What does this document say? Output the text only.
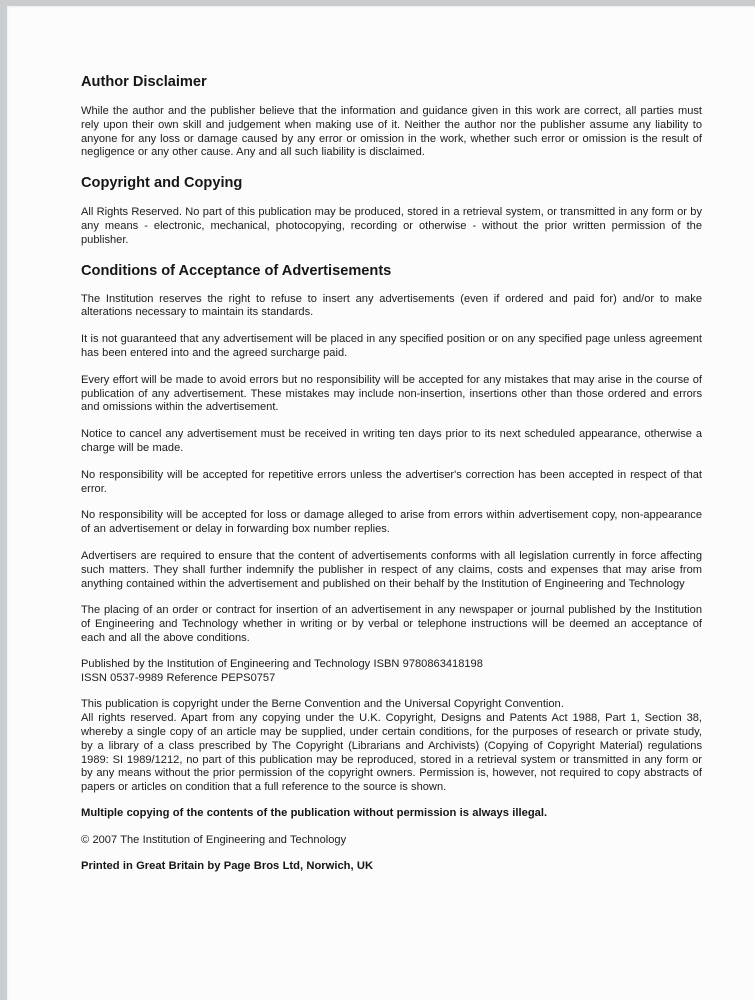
Author Disclaimer

While the author and the publisher believe that the information and guidance given in this work are correct, all parties must rely upon their own skill and judgement when making use of it. Neither the author nor the publisher assume any liability to anyone for any loss or damage caused by any error or omission in the work, whether such error or omission is the result of negligence or any other cause. Any and all such liability is disclaimed.

Copyright and Copying

All Rights Reserved. No part of this publication may be produced, stored in a retrieval system, or transmitted in any form or by any means - electronic, mechanical, photocopying, recording or otherwise - without the prior written permission of the publisher.

Conditions of Acceptance of Advertisements

The Institution reserves the right to refuse to insert any advertisements (even if ordered and paid for) and/or to make alterations necessary to maintain its standards.

It is not guaranteed that any advertisement will be placed in any specified position or on any specified page unless agreement has been entered into and the agreed surcharge paid.

Every effort will be made to avoid errors but no responsibility will be accepted for any mistakes that may arise in the course of publication of any advertisement. These mistakes may include non-insertion, insertions other than those ordered and errors and omissions within the advertisement.

Notice to cancel any advertisement must be received in writing ten days prior to its next scheduled appearance, otherwise a charge will be made.

No responsibility will be accepted for repetitive errors unless the advertiser's correction has been accepted in respect of that error.

No responsibility will be accepted for loss or damage alleged to arise from errors within advertisement copy, non-appearance of an advertisement or delay in forwarding box number replies.

Advertisers are required to ensure that the content of advertisements conforms with all legislation currently in force affecting such matters. They shall further indemnify the publisher in respect of any claims, costs and expenses that may arise from anything contained within the advertisement and published on their behalf by the Institution of Engineering and Technology

The placing of an order or contract for insertion of an advertisement in any newspaper or journal published by the Institution of Engineering and Technology whether in writing or by verbal or telephone instructions will be deemed an acceptance of each and all the above conditions.

Published by the Institution of Engineering and Technology ISBN 9780863418198

ISSN 0537-9989 Reference PEPS0757

This publication is copyright under the Berne Convention and the Universal Copyright Convention.

All rights reserved. Apart from any copying under the U.K. Copyright, Designs and Patents Act 1988, Part 1, Section 38, whereby a single copy of an article may be supplied, under certain conditions, for the purposes of research or private study, by a library of a class prescribed by The Copyright (Librarians and Archivists) (Copying of Copyright Material) regulations 1989: SI 1989/1212, no part of this publication may be reproduced, stored in a retrieval system or transmitted in any form or by any means without the prior permission of the copyright owners. Permission is, however, not required to copy abstracts of papers or articles on condition that a full reference to the source is shown.

Multiple copying of the contents of the publication without permission is always illegal.

© 2007 The Institution of Engineering and Technology

Printed in Great Britain by Page Bros Ltd, Norwich, UK
